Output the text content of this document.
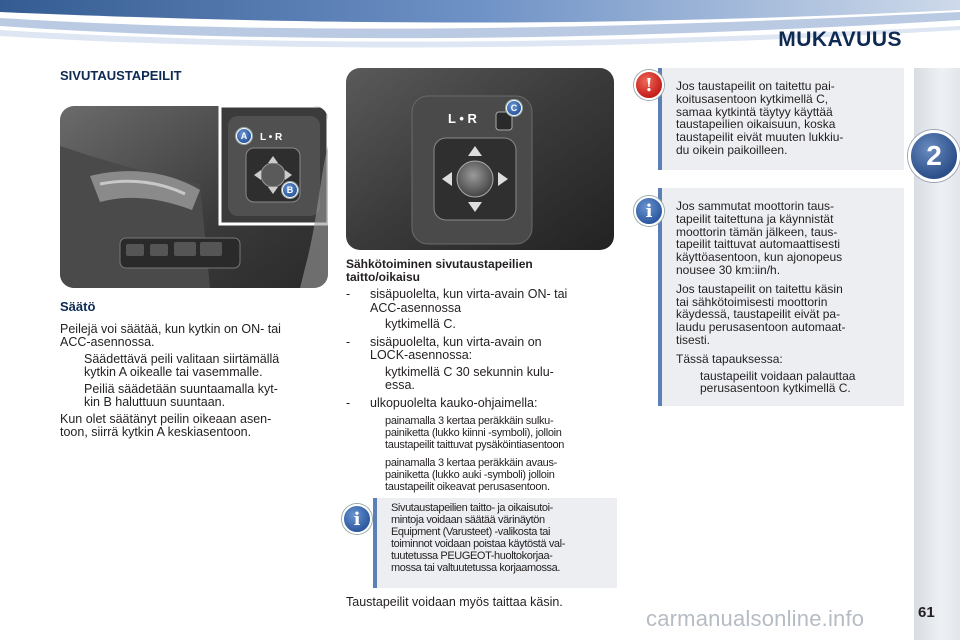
MUKAVUUS
2
SIVUTAUSTAPEILIT
L • R
A
B
L • R
C
Säätö
Peilejä voi säätää, kun kytkin on ON- tai
ACC-asennossa.
Säädettävä peili valitaan siirtämällä
kytkin A oikealle tai vasemmalle.
Peiliä säädetään suuntaamalla kyt-
kin B haluttuun suuntaan.
Kun olet säätänyt peilin oikeaan asen-
toon, siirrä kytkin A keskiasentoon.
Sähkötoiminen sivutaustapeilien
taitto/oikaisu
- sisäpuolelta, kun virta-avain ON- tai
ACC-asennossa
kytkimellä C.
- sisäpuolelta, kun virta-avain on
LOCK-asennossa:
kytkimellä C 30 sekunnin kulu-
essa.
- ulkopuolelta kauko-ohjaimella:
painamalla 3 kertaa peräkkäin sulku-
painiketta (lukko kiinni -symboli), jolloin
taustapeilit taittuvat pysäköintiasentoon
painamalla 3 kertaa peräkkäin avaus-
painiketta (lukko auki -symboli) jolloin
taustapeilit oikeavat perusasentoon.
Sivutaustapeilien taitto- ja oikaisutoi-
mintoja voidaan säätää värinäytön
Equipment (Varusteet) -valikosta tai
toiminnot voidaan poistaa käytöstä val-
tuutetussa PEUGEOT-huoltokorjaa-
mossa tai valtuutetussa korjaamossa.
i
Taustapeilit voidaan myös taittaa käsin.
Jos taustapeilit on taitettu pai-
koitusasentoon kytkimellä C,
samaa kytkintä täytyy käyttää
taustapeilien oikaisuun, koska
taustapeilit eivät muuten lukkiu-
du oikein paikoilleen.
!
Jos sammutat moottorin taus-
tapeilit taitettuna ja käynnistät
moottorin tämän jälkeen, taus-
tapeilit taittuvat automaattisesti
käyttöasentoon, kun ajonopeus
nousee 30 km:iin/h.
Jos taustapeilit on taitettu käsin
tai sähkötoimisesti moottorin
käydessä, taustapeilit eivät pa-
laudu perusasentoon automaat-
tisesti.
Tässä tapauksessa:
taustapeilit voidaan palauttaa
perusasentoon kytkimellä C.
i
61
carmanualsonline.info
